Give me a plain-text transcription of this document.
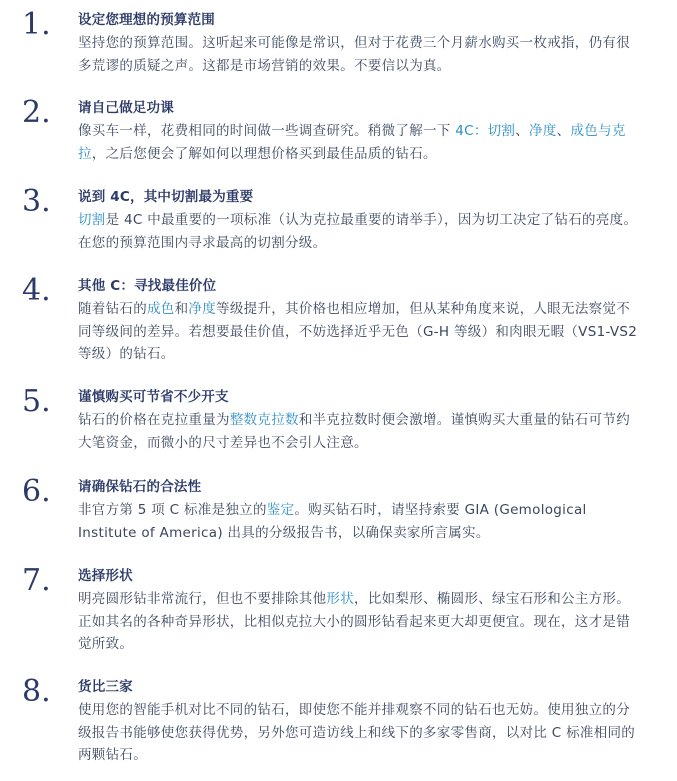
1. 设定您理想的预算范围

坚持您的预算范围。这听起来可能像是常识，但对于花费三个月薪水购买一枚戒指，仍有很多荒谬的质疑之声。这都是市场营销的效果。不要信以为真。

2. 请自己做足功课

像买车一样，花费相同的时间做一些调查研究。稍微了解一下 4C：切割、净度、成色与克拉，之后您便会了解如何以理想价格买到最佳品质的钻石。

3. 说到 4C，其中切割最为重要

切割是 4C 中最重要的一项标准（认为克拉最重要的请举手），因为切工决定了钻石的亮度。在您的预算范围内寻求最高的切割分级。

4. 其他 C：寻找最佳价位

随着钻石的成色和净度等级提升，其价格也相应增加，但从某种角度来说，人眼无法察觉不同等级间的差异。若想要最佳价值，不妨选择近乎无色（G-H 等级）和肉眼无暇（VS1-VS2 等级）的钻石。

5. 谨慎购买可节省不少开支

钻石的价格在克拉重量为整数克拉数和半克拉数时便会激增。谨慎购买大重量的钻石可节约大笔资金，而微小的尺寸差异也不会引人注意。

6. 请确保钻石的合法性

非官方第 5 项 C 标准是独立的鉴定。购买钻石时，请坚持索要 GIA (Gemological Institute of America) 出具的分级报告书，以确保卖家所言属实。

7. 选择形状

明亮圆形钻非常流行，但也不要排除其他形状，比如梨形、椭圆形、绿宝石形和公主方形。正如其名的各种奇异形状，比相似克拉大小的圆形钻看起来更大却更便宜。现在，这才是错觉所致。

8. 货比三家

使用您的智能手机对比不同的钻石，即使您不能并排观察不同的钻石也无妨。使用独立的分级报告书能够使您获得优势，另外您可造访线上和线下的多家零售商，以对比 C 标准相同的两颗钻石。
